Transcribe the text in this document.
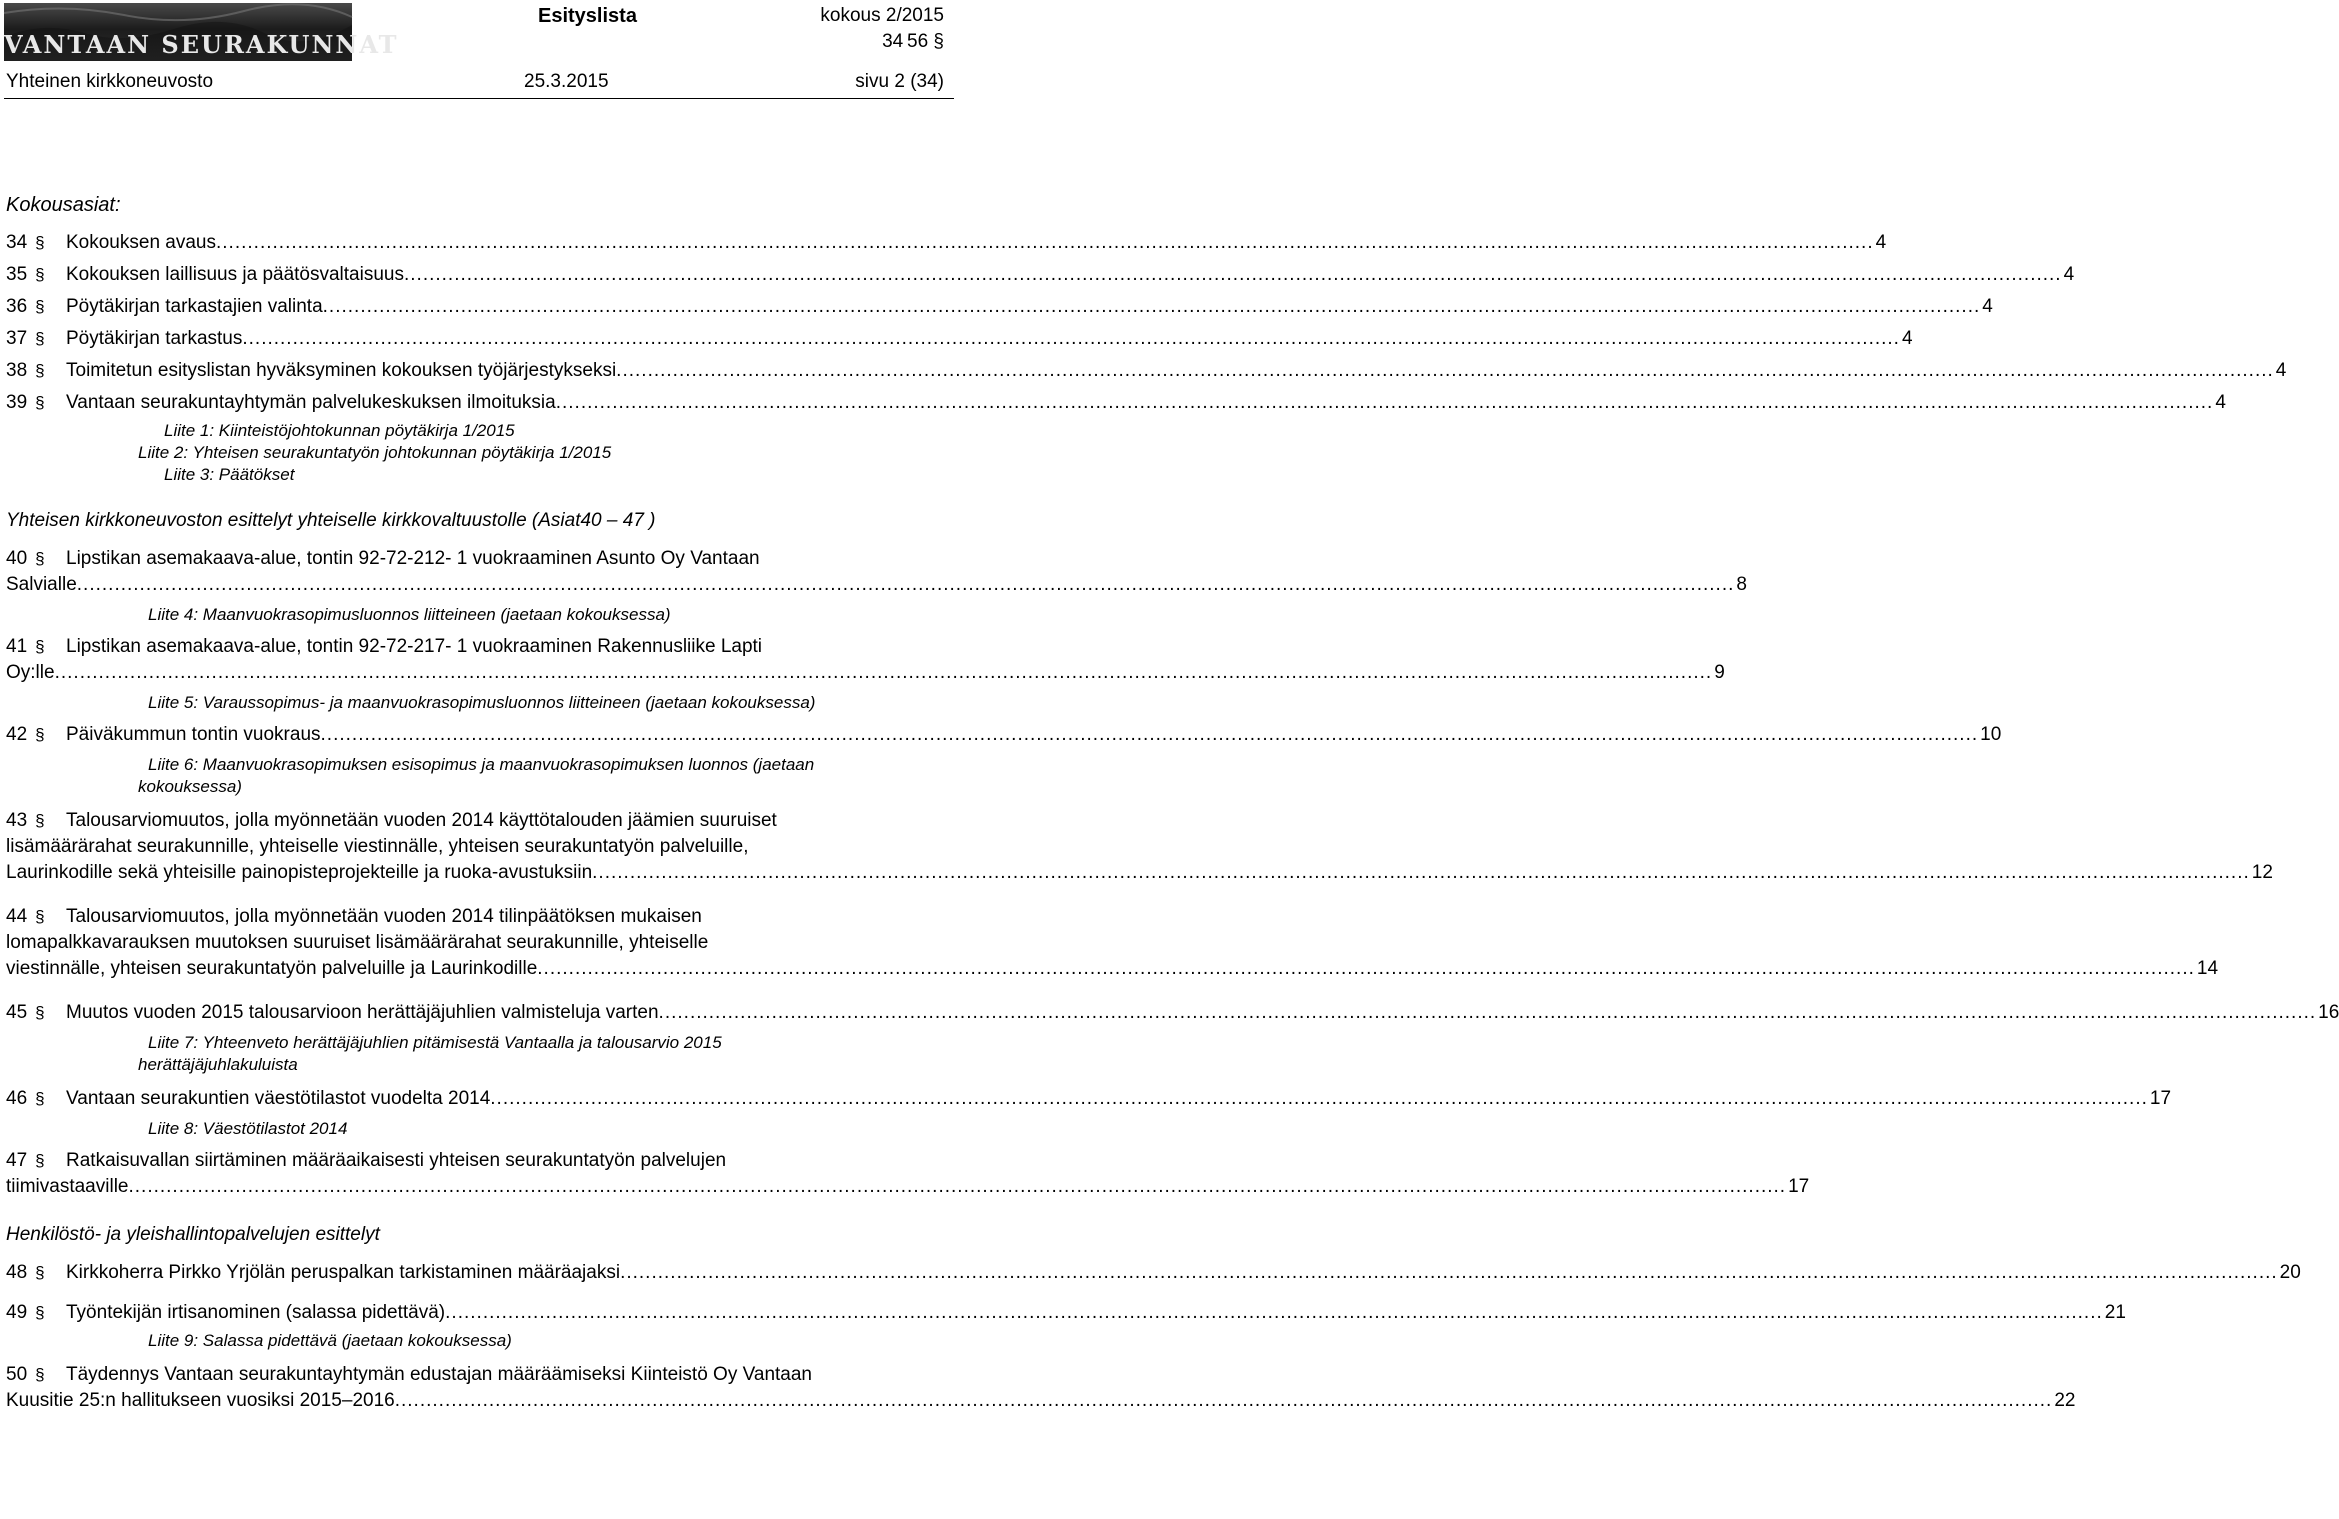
VANTAAN SEURAKUNNAT
Esityslista	kokous 2/2015
34 56 §
Yhteinen kirkkoneuvosto	25.3.2015	sivu 2 (34)
Kokousasiat:
34 §	Kokouksen avaus .....	4
35 §	Kokouksen laillisuus ja päätösvaltaisuus .....	4
36 §	Pöytäkirjan tarkastajien valinta .....	4
37 §	Pöytäkirjan tarkastus .....	4
38 §	Toimitetun esityslistan hyväksyminen kokouksen työjärjestykseksi .....	4
39 §	Vantaan seurakuntayhtymän palvelukeskuksen ilmoituksia .....	4
Liite 1: Kiinteistöjohtokunnan pöytäkirja 1/2015
Liite 2: Yhteisen seurakuntatyön johtokunnan pöytäkirja 1/2015
Liite 3: Päätökset
Yhteisen kirkkoneuvoston esittelyt yhteiselle kirkkovaltuustolle (Asiat40 – 47 )
40 §	Lipstikan asemakaava-alue, tontin 92-72-212- 1 vuokraaminen Asunto Oy Vantaan
Salvialle .....	8
Liite 4: Maanvuokrasopimusluonnos liitteineen (jaetaan kokouksessa)
41 §	Lipstikan asemakaava-alue, tontin 92-72-217- 1 vuokraaminen Rakennusliike Lapti
Oy:lle .....	9
Liite 5: Varaussopimus- ja maanvuokrasopimusluonnos liitteineen (jaetaan kokouksessa)
42 §	Päiväkummun tontin vuokraus .....	10
Liite 6: Maanvuokrasopimuksen esisopimus ja maanvuokrasopimuksen luonnos (jaetaan
kokouksessa)
43 §	Talousarviomuutos, jolla myönnetään vuoden 2014 käyttötalouden jäämien suuruiset
lisämäärärahat seurakunnille, yhteiselle viestinnälle, yhteisen seurakuntatyön palveluille,
Laurinkodille sekä yhteisille painopisteprojekteille ja ruoka-avustuksiin .....	12
44 §	Talousarviomuutos, jolla myönnetään vuoden 2014 tilinpäätöksen mukaisen
lomapalkkavarauksen muutoksen suuruiset lisämäärärahat seurakunnille, yhteiselle
viestinnälle, yhteisen seurakuntatyön palveluille ja Laurinkodille .....	14
45 §	Muutos vuoden 2015 talousarvioon herättäjäjuhlien valmisteluja varten .....	16
Liite 7: Yhteenveto herättäjäjuhlien pitämisestä Vantaalla ja talousarvio 2015
herättäjäjuhlakuluista
46 §	Vantaan seurakuntien väestötilastot vuodelta 2014 .....	17
Liite 8: Väestötilastot 2014
47 §	Ratkaisuvallan siirtäminen määräaikaisesti yhteisen seurakuntatyön palvelujen
tiimivastaaville .....	17
Henkilöstö- ja yleishallintopalvelujen esittelyt
48 §	Kirkkoherra Pirkko Yrjölän peruspalkan tarkistaminen määräajaksi .....	20
49 §	Työntekijän irtisanominen (salassa pidettävä) .....	21
Liite 9: Salassa pidettävä (jaetaan kokouksessa)
50 §	Täydennys Vantaan seurakuntayhtymän edustajan määräämiseksi Kiinteistö Oy Vantaan
Kuusitie 25:n hallitukseen vuosiksi 2015–2016 .....	22
